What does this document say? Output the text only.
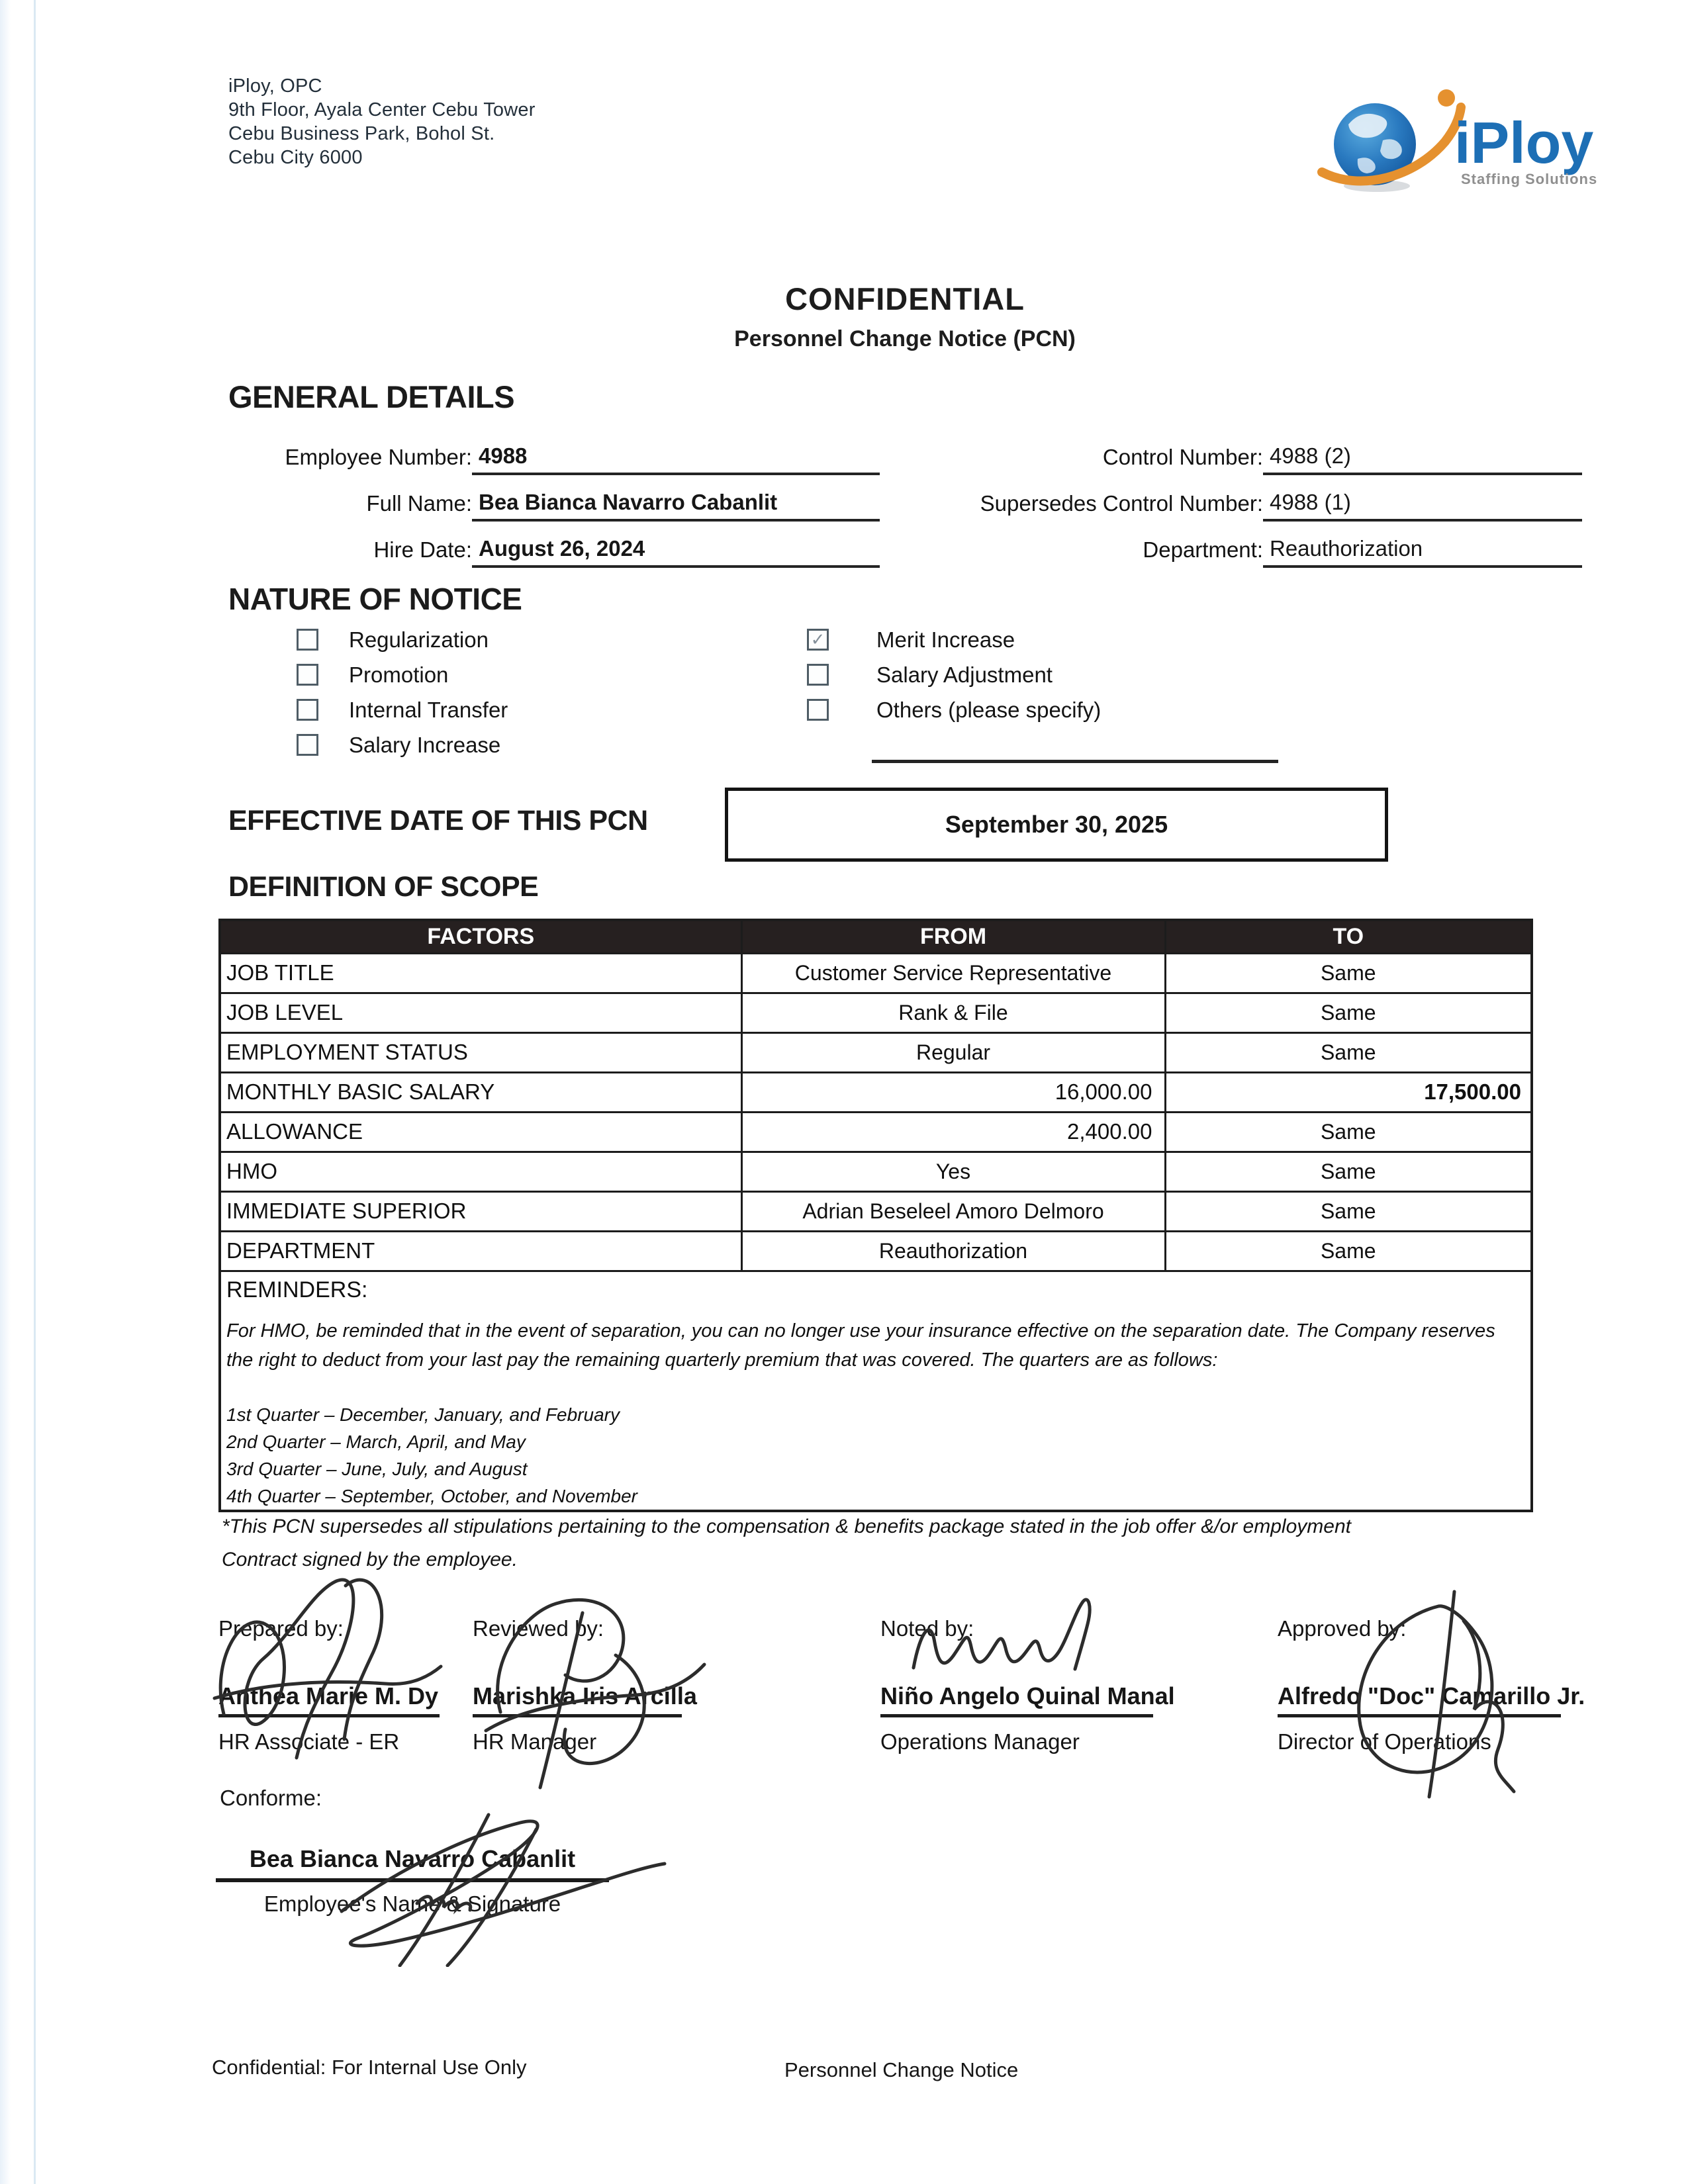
iPloy, OPC
9th Floor, Ayala Center Cebu Tower
Cebu Business Park, Bohol St.
Cebu City 6000	iPloy
Staffing Solutions
CONFIDENTIAL
Personnel Change Notice (PCN)
GENERAL DETAILS
Employee Number: 4988
Full Name: Bea Bianca Navarro Cabanlit
Hire Date: August 26, 2024
Control Number: 4988 (2)
Supersedes Control Number: 4988 (1)
Department: Reauthorization
NATURE OF NOTICE
Regularization
Promotion
Internal Transfer
Salary Increase
✓ Merit Increase
Salary Adjustment
Others (please specify)
EFFECTIVE DATE OF THIS PCN	September 30, 2025
DEFINITION OF SCOPE
FACTORS	FROM	TO
JOB TITLE	Customer Service Representative	Same
JOB LEVEL	Rank & File	Same
EMPLOYMENT STATUS	Regular	Same
MONTHLY BASIC SALARY	16,000.00	17,500.00
ALLOWANCE	2,400.00	Same
HMO	Yes	Same
IMMEDIATE SUPERIOR	Adrian Beseleel Amoro Delmoro	Same
DEPARTMENT	Reauthorization	Same

REMINDERS:
For HMO, be reminded that in the event of separation, you can no longer use your insurance effective on the separation date. The Company reserves the right to deduct from your last pay the remaining quarterly premium that was covered. The quarters are as follows:
1st Quarter – December, January, and February
2nd Quarter – March, April, and May
3rd Quarter – June, July, and August
4th Quarter – September, October, and November
*This PCN supersedes all stipulations pertaining to the compensation & benefits package stated in the job offer &/or employment Contract signed by the employee.
Prepared by:
Anthea Marie M. Dy
HR Associate - ER
Reviewed by:
Marishka Iris Arcilla
HR Manager
Noted by:
Niño Angelo Quinal Manal
Operations Manager
Approved by:
Alfredo "Doc" Camarillo Jr.
Director of Operations
Conforme:
Bea Bianca Navarro Cabanlit
Employee's Name & Signature
Confidential: For Internal Use Only	Personnel Change Notice
